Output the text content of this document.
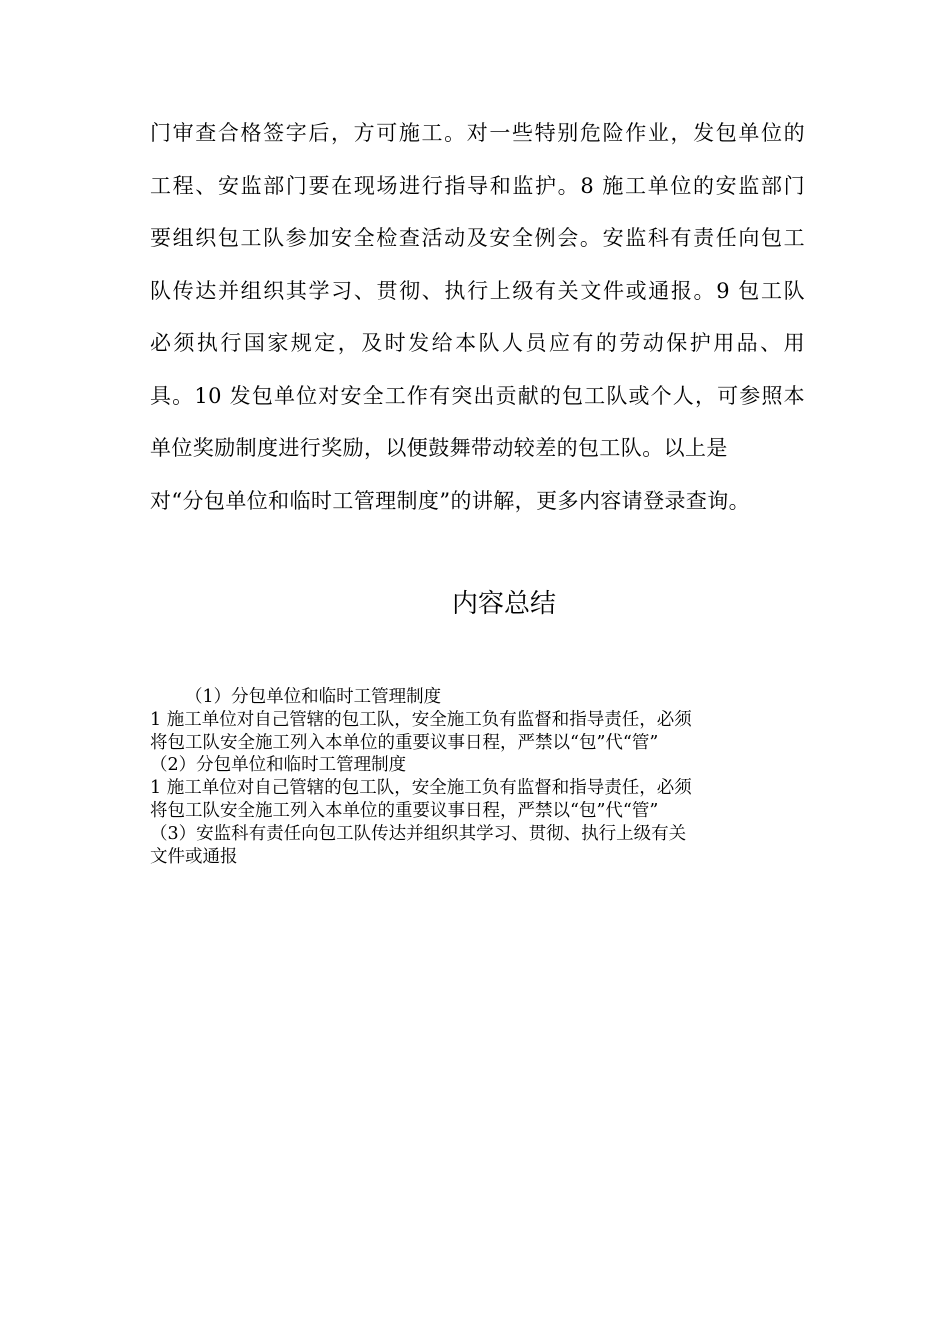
门审查合格签字后，方可施工。对一些特别危险作业，发包单位的
工程、安监部门要在现场进行指导和监护。8 施工单位的安监部门
要组织包工队参加安全检查活动及安全例会。安监科有责任向包工
队传达并组织其学习、贯彻、执行上级有关文件或通报。9 包工队
必须执行国家规定，及时发给本队人员应有的劳动保护用品、用
具。10 发包单位对安全工作有突出贡献的包工队或个人，可参照本
单位奖励制度进行奖励，以便鼓舞带动较差的包工队。以上是
对“分包单位和临时工管理制度”的讲解，更多内容请登录查询。
内容总结
（1）分包单位和临时工管理制度
1 施工单位对自己管辖的包工队，安全施工负有监督和指导责任，必须
将包工队安全施工列入本单位的重要议事日程，严禁以“包”代“管”
（2）分包单位和临时工管理制度
1 施工单位对自己管辖的包工队，安全施工负有监督和指导责任，必须
将包工队安全施工列入本单位的重要议事日程，严禁以“包”代“管”
（3）安监科有责任向包工队传达并组织其学习、贯彻、执行上级有关
文件或通报
